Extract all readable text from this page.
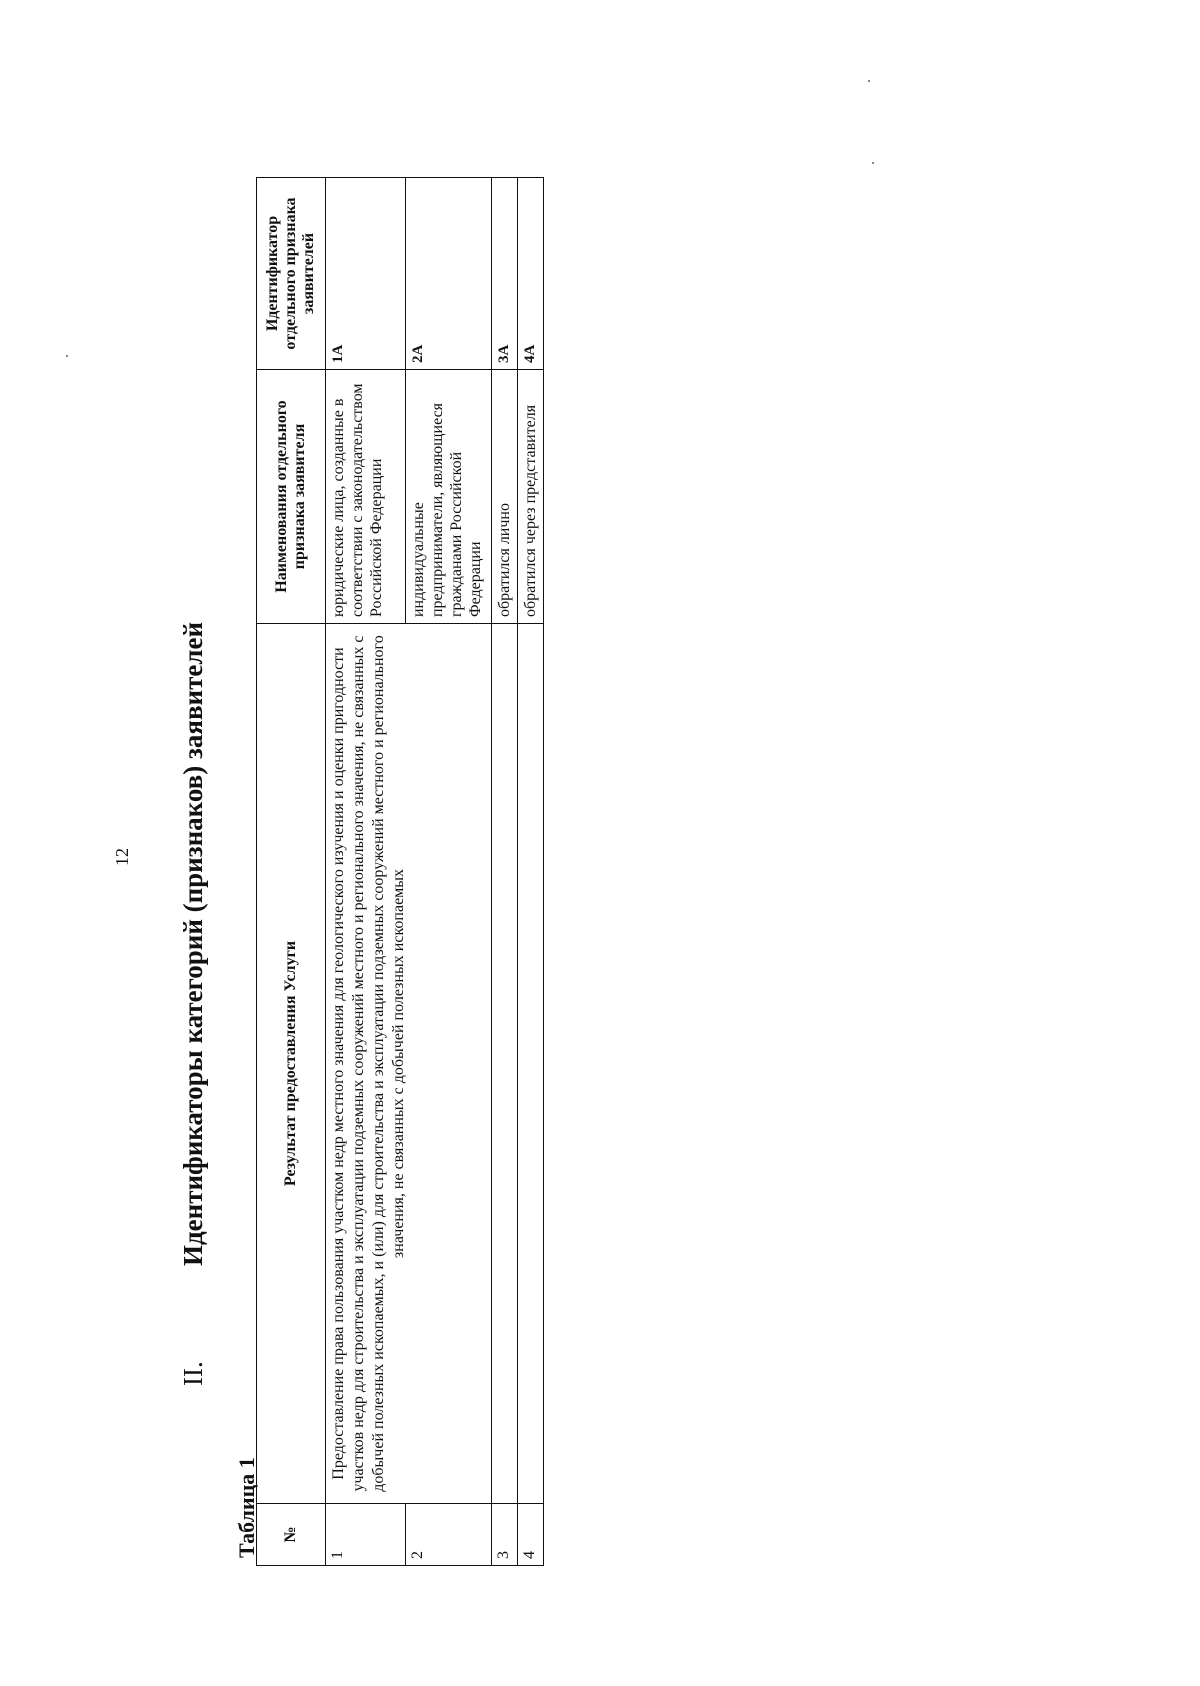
12
II.Идентификаторы категорий (признаков) заявителей
Таблица 1 №	Результат предоставления Услуги	Наименования отдельного признака заявителя	Идентификатор отдельного признака заявителей
1	Предоставление права пользования участком недр местного значения для геологического изучения и оценки пригодности участков недр для строительства и эксплуатации подземных сооружений местного и регионального значения, не связанных с добычей полезных ископаемых, и (или) для строительства и эксплуатации подземных сооружений местного и регионального значения, не связанных с добычей полезных ископаемых	юридические лица, созданные в соответствии с законодательством Российской Федерации	1А
2		индивидуальные предприниматели, являющиеся гражданами Российской Федерации	2А
3		обратился лично	3А
4		обратился через представителя	4А
